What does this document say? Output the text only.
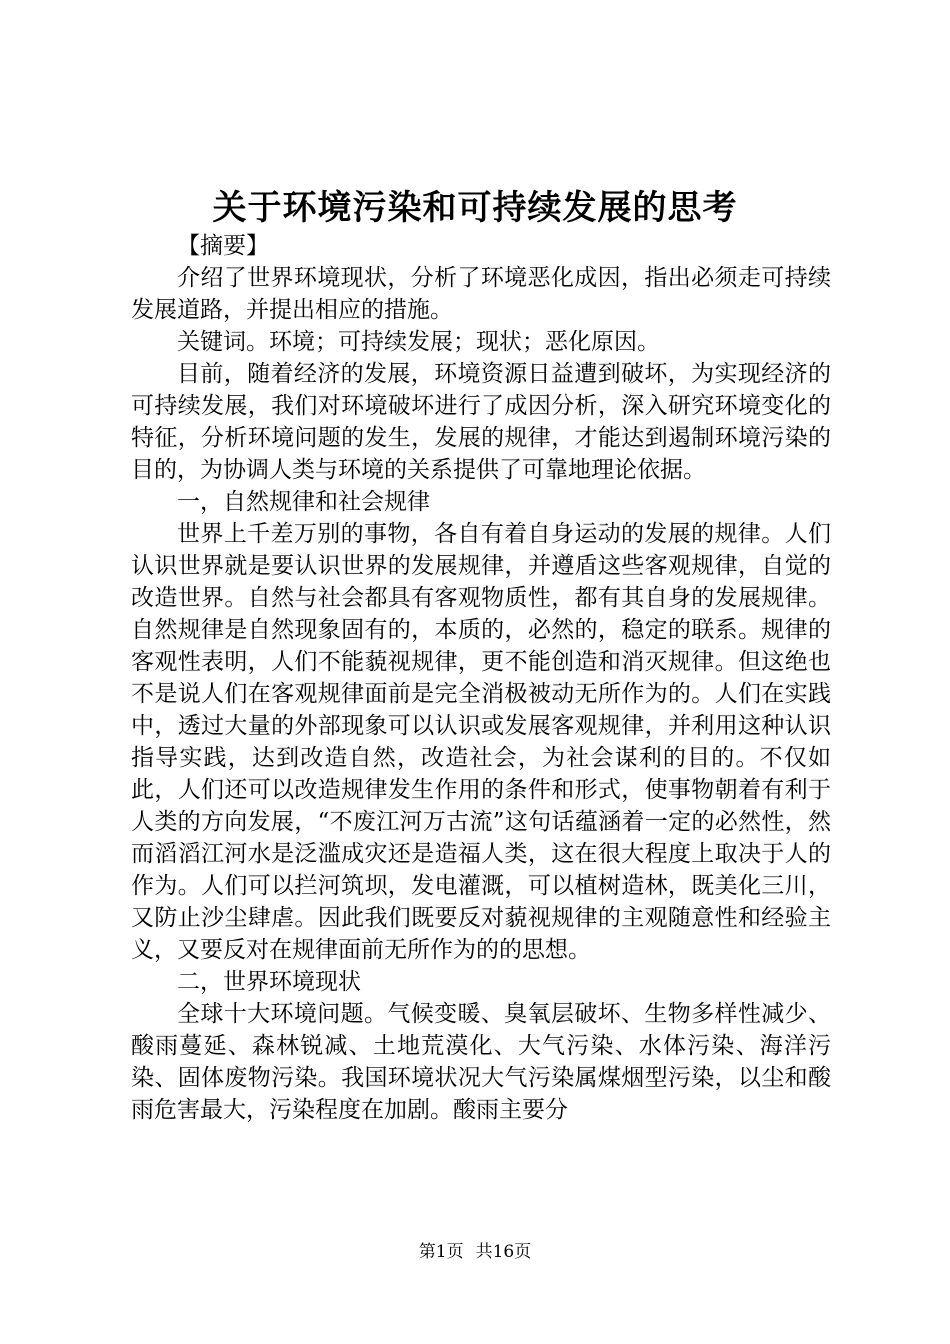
关于环境污染和可持续发展的思考

【摘要】

介绍了世界环境现状，分析了环境恶化成因，指出必须走可持续发展道路，并提出相应的措施。

关键词。环境；可持续发展；现状；恶化原因。

目前，随着经济的发展，环境资源日益遭到破坏，为实现经济的可持续发展，我们对环境破坏进行了成因分析，深入研究环境变化的特征，分析环境问题的发生，发展的规律，才能达到遏制环境污染的目的，为协调人类与环境的关系提供了可靠地理论依据。

一，自然规律和社会规律

世界上千差万别的事物，各自有着自身运动的发展的规律。人们认识世界就是要认识世界的发展规律，并遵盾这些客观规律，自觉的改造世界。自然与社会都具有客观物质性，都有其自身的发展规律。自然规律是自然现象固有的，本质的，必然的，稳定的联系。规律的客观性表明，人们不能藐视规律，更不能创造和消灭规律。但这绝也不是说人们在客观规律面前是完全消极被动无所作为的。人们在实践中，透过大量的外部现象可以认识或发展客观规律，并利用这种认识指导实践，达到改造自然，改造社会，为社会谋利的目的。不仅如此，人们还可以改造规律发生作用的条件和形式，使事物朝着有利于人类的方向发展，“不废江河万古流”这句话蕴涵着一定的必然性，然而滔滔江河水是泛滥成灾还是造福人类，这在很大程度上取决于人的作为。人们可以拦河筑坝，发电灌溉，可以植树造林，既美化三川，又防止沙尘肆虐。因此我们既要反对藐视规律的主观随意性和经验主义，又要反对在规律面前无所作为的的思想。

二，世界环境现状

全球十大环境问题。气候变暖、臭氧层破坏、生物多样性减少、酸雨蔓延、森林锐减、土地荒漠化、大气污染、水体污染、海洋污染、固体废物污染。我国环境状况大气污染属煤烟型污染，以尘和酸雨危害最大，污染程度在加剧。酸雨主要分

第1页 共16页
